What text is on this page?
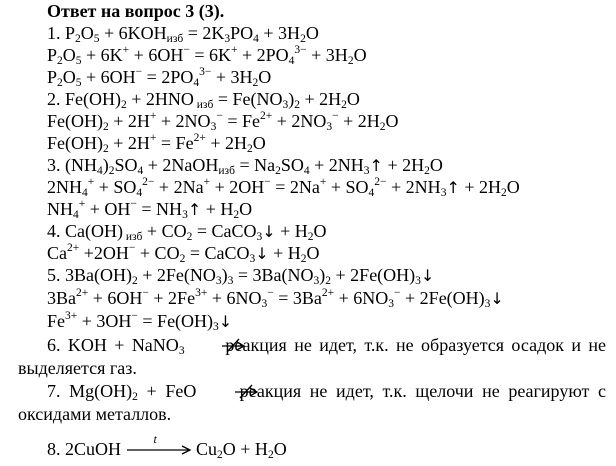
Ответ на вопрос 3 (3).
1. $P_2O_5 + 6KOH_{изб} = 2K_3PO_4 + 3H_2O$
$P_2O_5 + 6K^+ + 6OH^- = 6K^+ + 2PO_4^{3-} + 3H_2O$
$P_2O_5 + 6OH^- = 2PO_4^{3-} + 3H_2O$
2. $Fe(OH)_2 + 2HNO$ $_{изб} = Fe(NO_3)_2 + 2H_2O$
$Fe(OH)_2 + 2H^+ + 2NO_3^- = Fe^{2+} + 2NO_3^- + 2H_2O$
$Fe(OH)_2 + 2H^+ = Fe^{2+} + 2H_2O$
3. $(NH_4)_2SO_4$ + 2NaOH$_{изб}$ = $Na_2SO_4$ + $2NH_3↑ + 2H_2O$
$2NH_4^+ + SO_4^{2-} + 2Na^+ + 2OH^- = 2Na^+ + SO_4^{2-}$ + $2NH_3↑ + 2H_2O$
$NH_4^+ + OH^-$ = $NH_3↑ + H_2O$
4. Ca(OH) $_{изб} + CO_2$ = CaCO$_3$↓ + $H_2O$
$Ca^{2+} +2OH^- + CO_2$ = CaCO$_3$↓ + $H_2O$
5. $3Ba(OH)_2 + 2Fe(NO_3)_3 = 3Ba(NO_3)_2$ + $2Fe(OH)_3↓$
$3Ba^{2+} + 6OH^- + 2Fe^{3+} + 6NO_3^- = 3Ba^{2+} + 6NO_3^-$ + $2Fe(OH)_3↓$
$Fe^{3+} + 3OH^-$ = $Fe(OH)_3↓$
6. KOH + NaNO$_3$ реакция не идет, т.к. не образуется осадок и не выделяется газ.
7. $Mg(OH)_2$ + FeO реакция не идет, т.к. щелочи не реагируют с оксидами металлов.
8. 2CuOH	t $Cu_2O + H_2O$
